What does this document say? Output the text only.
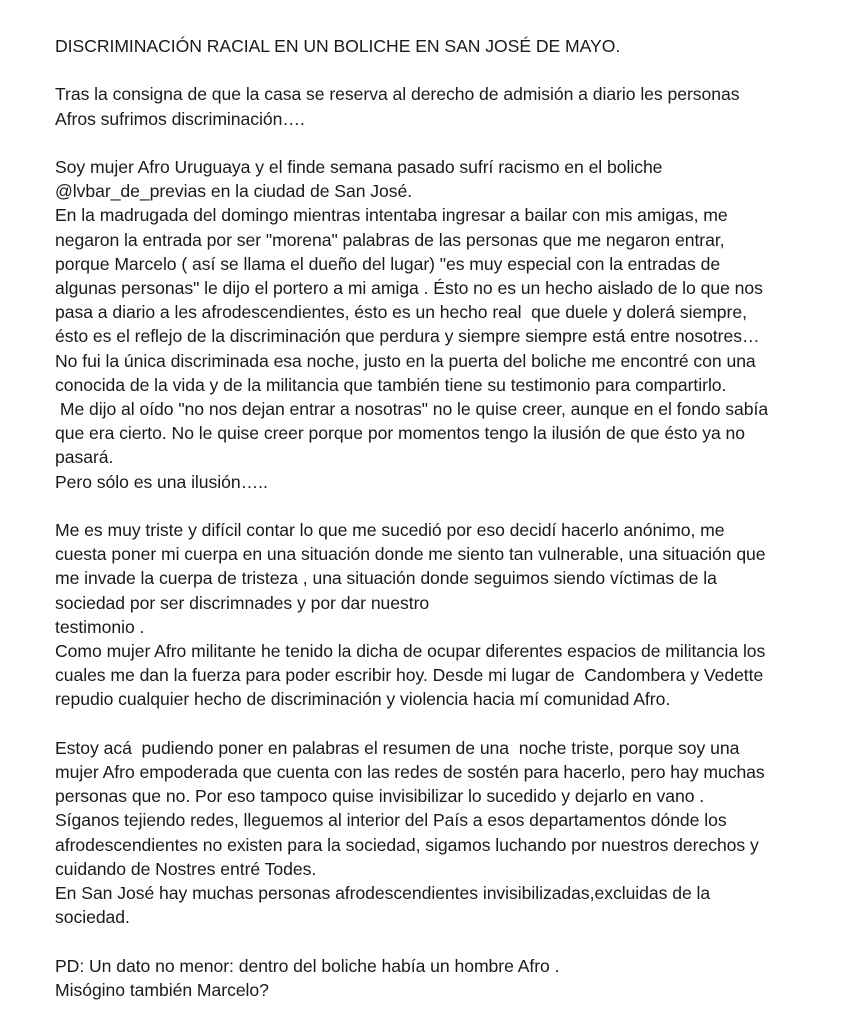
DISCRIMINACIÓN RACIAL EN UN BOLICHE EN SAN JOSÉ DE MAYO.
Tras la consigna de que la casa se reserva al derecho de admisión a diario les personas
Afros sufrimos discriminación….
Soy mujer Afro Uruguaya y el finde semana pasado sufrí racismo en el boliche
@lvbar_de_previas en la ciudad de San José.
En la madrugada del domingo mientras intentaba ingresar a bailar con mis amigas, me
negaron la entrada por ser "morena" palabras de las personas que me negaron entrar,
porque Marcelo ( así se llama el dueño del lugar) "es muy especial con la entradas de
algunas personas" le dijo el portero a mi amiga . Ésto no es un hecho aislado de lo que nos
pasa a diario a les afrodescendientes, ésto es un hecho real  que duele y dolerá siempre,
ésto es el reflejo de la discriminación que perdura y siempre siempre está entre nosotres…
No fui la única discriminada esa noche, justo en la puerta del boliche me encontré con una
conocida de la vida y de la militancia que también tiene su testimonio para compartirlo.
Me dijo al oído "no nos dejan entrar a nosotras" no le quise creer, aunque en el fondo sabía
que era cierto. No le quise creer porque por momentos tengo la ilusión de que ésto ya no
pasará.
Pero sólo es una ilusión…..
Me es muy triste y difícil contar lo que me sucedió por eso decidí hacerlo anónimo, me
cuesta poner mi cuerpa en una situación donde me siento tan vulnerable, una situación que
me invade la cuerpa de tristeza , una situación donde seguimos siendo víctimas de la
sociedad por ser discrimnades y por dar nuestro
testimonio .
Como mujer Afro militante he tenido la dicha de ocupar diferentes espacios de militancia los
cuales me dan la fuerza para poder escribir hoy. Desde mi lugar de  Candombera y Vedette
repudio cualquier hecho de discriminación y violencia hacia mí comunidad Afro.
Estoy acá  pudiendo poner en palabras el resumen de una  noche triste, porque soy una
mujer Afro empoderada que cuenta con las redes de sostén para hacerlo, pero hay muchas
personas que no. Por eso tampoco quise invisibilizar lo sucedido y dejarlo en vano .
Síganos tejiendo redes, lleguemos al interior del País a esos departamentos dónde los
afrodescendientes no existen para la sociedad, sigamos luchando por nuestros derechos y
cuidando de Nostres entré Todes.
En San José hay muchas personas afrodescendientes invisibilizadas,excluidas de la
sociedad.
PD: Un dato no menor: dentro del boliche había un hombre Afro .
Misógino también Marcelo?
